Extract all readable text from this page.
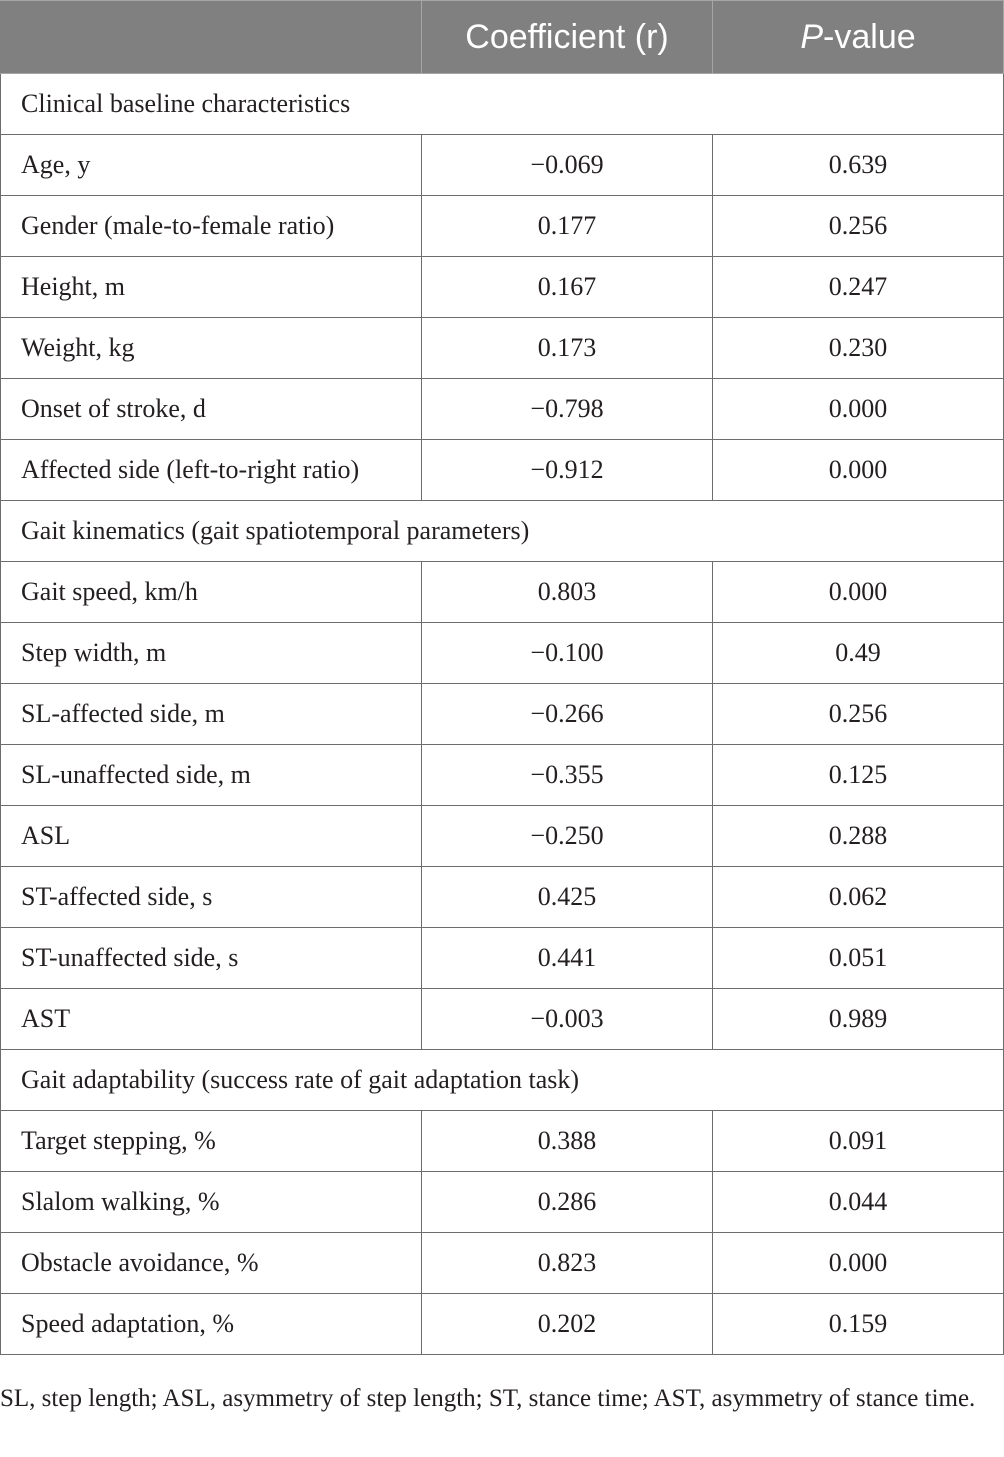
	Coefficient (r)	P-value
Clinical baseline characteristics		
Age, y	−0.069	0.639
Gender (male-to-female ratio)	0.177	0.256
Height, m	0.167	0.247
Weight, kg	0.173	0.230
Onset of stroke, d	−0.798	0.000
Affected side (left-to-right ratio)	−0.912	0.000
Gait kinematics (gait spatiotemporal parameters)		
Gait speed, km/h	0.803	0.000
Step width, m	−0.100	0.49
SL-affected side, m	−0.266	0.256
SL-unaffected side, m	−0.355	0.125
ASL	−0.250	0.288
ST-affected side, s	0.425	0.062
ST-unaffected side, s	0.441	0.051
AST	−0.003	0.989
Gait adaptability (success rate of gait adaptation task)		
Target stepping, %	0.388	0.091
Slalom walking, %	0.286	0.044
Obstacle avoidance, %	0.823	0.000
Speed adaptation, %	0.202	0.159
SL, step length; ASL, asymmetry of step length; ST, stance time; AST, asymmetry of stance time.
